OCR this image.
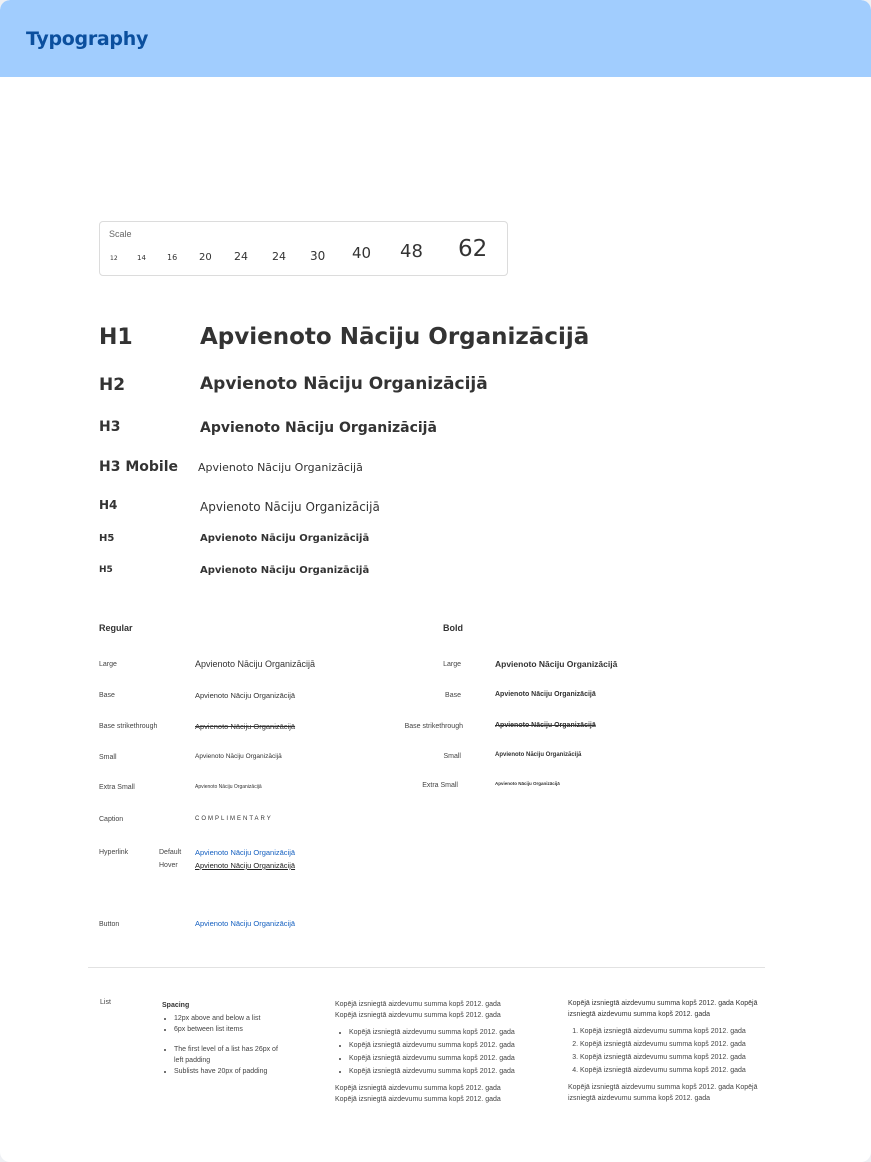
Typography
Scale
12	14	16 20 24 24 30 40 48 62
H1	Apvienoto Nāciju Organizācijā
H2	Apvienoto Nāciju Organizācijā
H3	Apvienoto Nāciju Organizācijā
H3 Mobile Apvienoto Nāciju Organizācijā
H4	Apvienoto Nāciju Organizācijā
H5	Apvienoto Nāciju Organizācijā
H5	Apvienoto Nāciju Organizācijā
Regular
Large	Apvienoto Nāciju Organizācijā
Base	Apvienoto Nāciju Organizācijā
Base strikethrough	Apvienoto Nāciju Organizācijā
Small	Apvienoto Nāciju Organizācijā
Extra Small	Apvienoto Nāciju Organizācijā
Caption	COMPLIMENTARY
Hyperlink	Default Apvienoto Nāciju Organizācijā
Hover Apvienoto Nāciju Organizācijā
Button	Apvienoto Nāciju Organizācijā
Bold
Large	Apvienoto Nāciju Organizācijā
Base	Apvienoto Nāciju Organizācijā
Base strikethrough	Apvienoto Nāciju Organizācijā
Small	Apvienoto Nāciju Organizācijā
Extra Small	Apvienoto Nāciju Organizācijā
List	Spacing
• 12px above and below a list
• 6px between list items
• The first level of a list has 26px of left padding
• Sublists have 20px of padding
Kopējā izsniegtā aizdevumu summa kopš 2012. gada Kopējā izsniegtā aizdevumu summa kopš 2012. gada
• Kopējā izsniegtā aizdevumu summa kopš 2012. gada
• Kopējā izsniegtā aizdevumu summa kopš 2012. gada
• Kopējā izsniegtā aizdevumu summa kopš 2012. gada
• Kopējā izsniegtā aizdevumu summa kopš 2012. gada
Kopējā izsniegtā aizdevumu summa kopš 2012. gada Kopējā izsniegtā aizdevumu summa kopš 2012. gada
Kopējā izsniegtā aizdevumu summa kopš 2012. gada Kopējā izsniegtā aizdevumu summa kopš 2012. gada
1. Kopējā izsniegtā aizdevumu summa kopš 2012. gada
2. Kopējā izsniegtā aizdevumu summa kopš 2012. gada
3. Kopējā izsniegtā aizdevumu summa kopš 2012. gada
4. Kopējā izsniegtā aizdevumu summa kopš 2012. gada
Kopējā izsniegtā aizdevumu summa kopš 2012. gada Kopējā izsniegtā aizdevumu summa kopš 2012. gada
